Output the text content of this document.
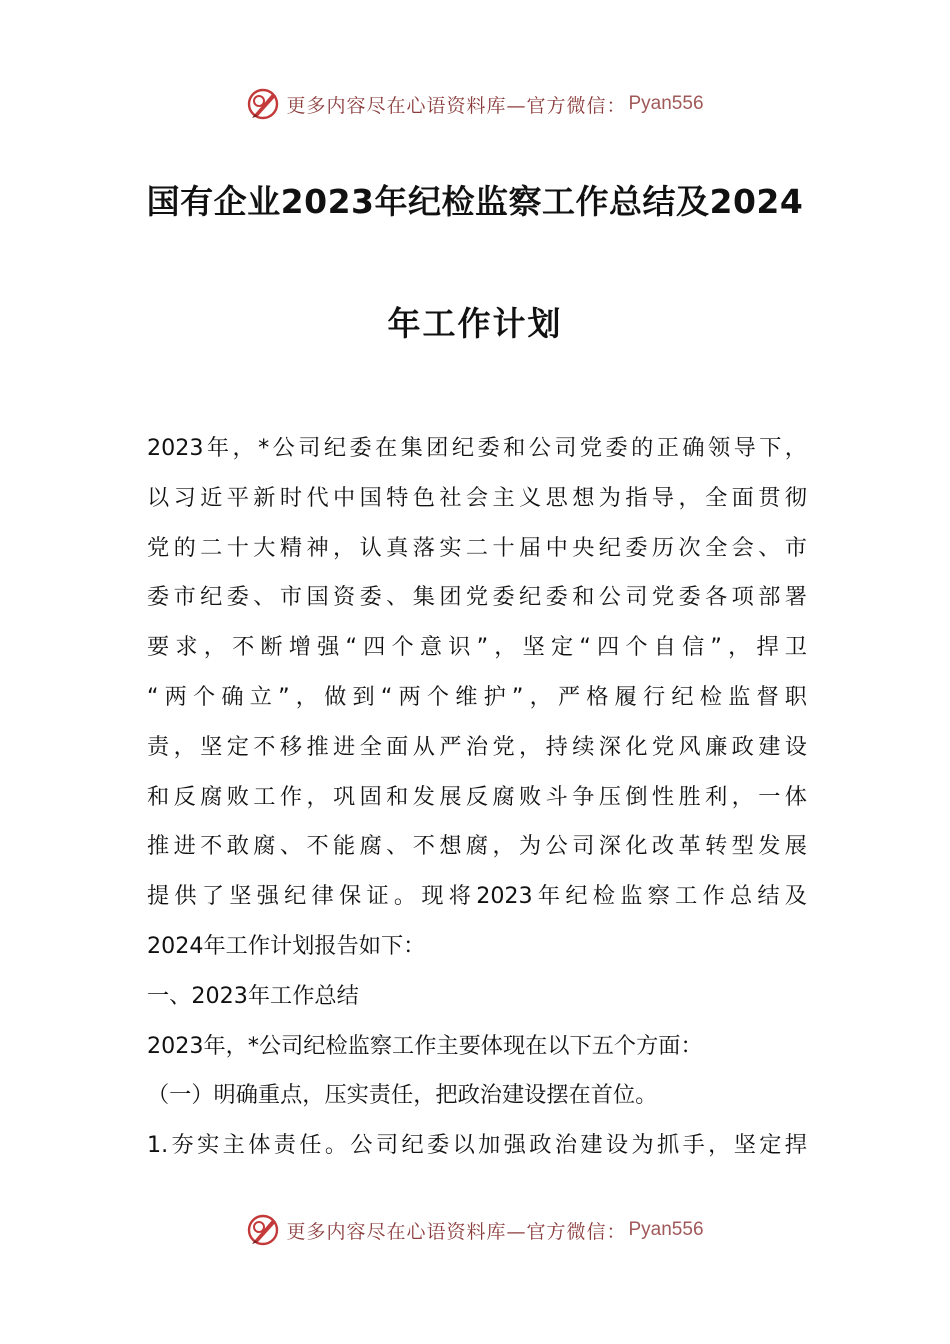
更多内容尽在心语资料库—官方微信： Pyan556
国有企业2023年纪检监察工作总结及2024
年工作计划
2023年，*公司纪委在集团纪委和公司党委的正确领导下，
以习近平新时代中国特色社会主义思想为指导，全面贯彻
党的二十大精神，认真落实二十届中央纪委历次全会、市
委市纪委、市国资委、集团党委纪委和公司党委各项部署
要求，不断增强“四个意识”，坚定“四个自信”，捍卫
“两个确立”，做到“两个维护”，严格履行纪检监督职
责，坚定不移推进全面从严治党，持续深化党风廉政建设
和反腐败工作，巩固和发展反腐败斗争压倒性胜利，一体
推进不敢腐、不能腐、不想腐，为公司深化改革转型发展
提供了坚强纪律保证。现将2023年纪检监察工作总结及
2024年工作计划报告如下：
一、2023年工作总结
2023年，*公司纪检监察工作主要体现在以下五个方面：
（一）明确重点，压实责任，把政治建设摆在首位。
1.夯实主体责任。公司纪委以加强政治建设为抓手，坚定捍
更多内容尽在心语资料库—官方微信： Pyan556
